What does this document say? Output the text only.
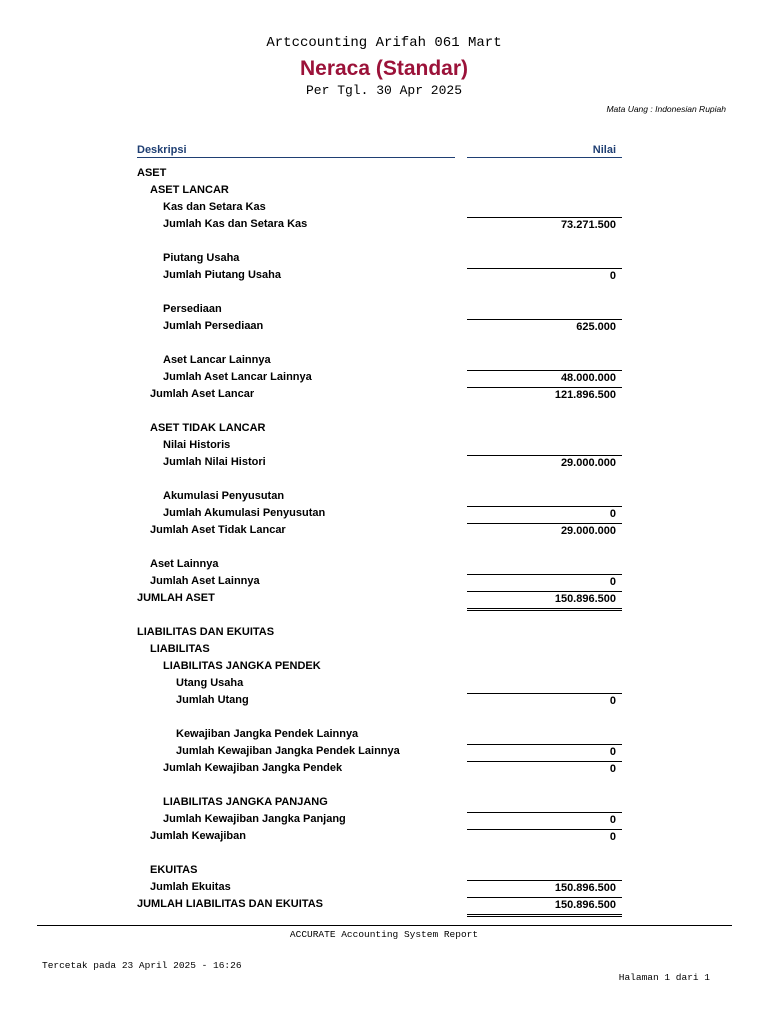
Artccounting Arifah 061 Mart
Neraca (Standar)
Per Tgl. 30 Apr 2025
Mata Uang : Indonesian Rupiah
Deskripsi	Nilai
ASET
ASET LANCAR
Kas dan Setara Kas
Jumlah Kas dan Setara Kas	73.271.500
Piutang Usaha
Jumlah Piutang Usaha	0
Persediaan
Jumlah Persediaan	625.000
Aset Lancar Lainnya
Jumlah Aset Lancar Lainnya	48.000.000
Jumlah Aset Lancar	121.896.500
ASET TIDAK LANCAR
Nilai Historis
Jumlah Nilai Histori	29.000.000
Akumulasi Penyusutan
Jumlah Akumulasi Penyusutan	0
Jumlah Aset Tidak Lancar	29.000.000
Aset Lainnya
Jumlah Aset Lainnya	0
JUMLAH ASET	150.896.500
LIABILITAS DAN EKUITAS
LIABILITAS
LIABILITAS JANGKA PENDEK
Utang Usaha
Jumlah Utang	0
Kewajiban Jangka Pendek Lainnya
Jumlah Kewajiban Jangka Pendek Lainnya	0
Jumlah Kewajiban Jangka Pendek	0
LIABILITAS JANGKA PANJANG
Jumlah Kewajiban Jangka Panjang	0
Jumlah Kewajiban	0
EKUITAS
Jumlah Ekuitas	150.896.500
JUMLAH LIABILITAS DAN EKUITAS	150.896.500
ACCURATE Accounting System Report
Tercetak pada 23 April 2025 - 16:26
Halaman 1 dari 1
